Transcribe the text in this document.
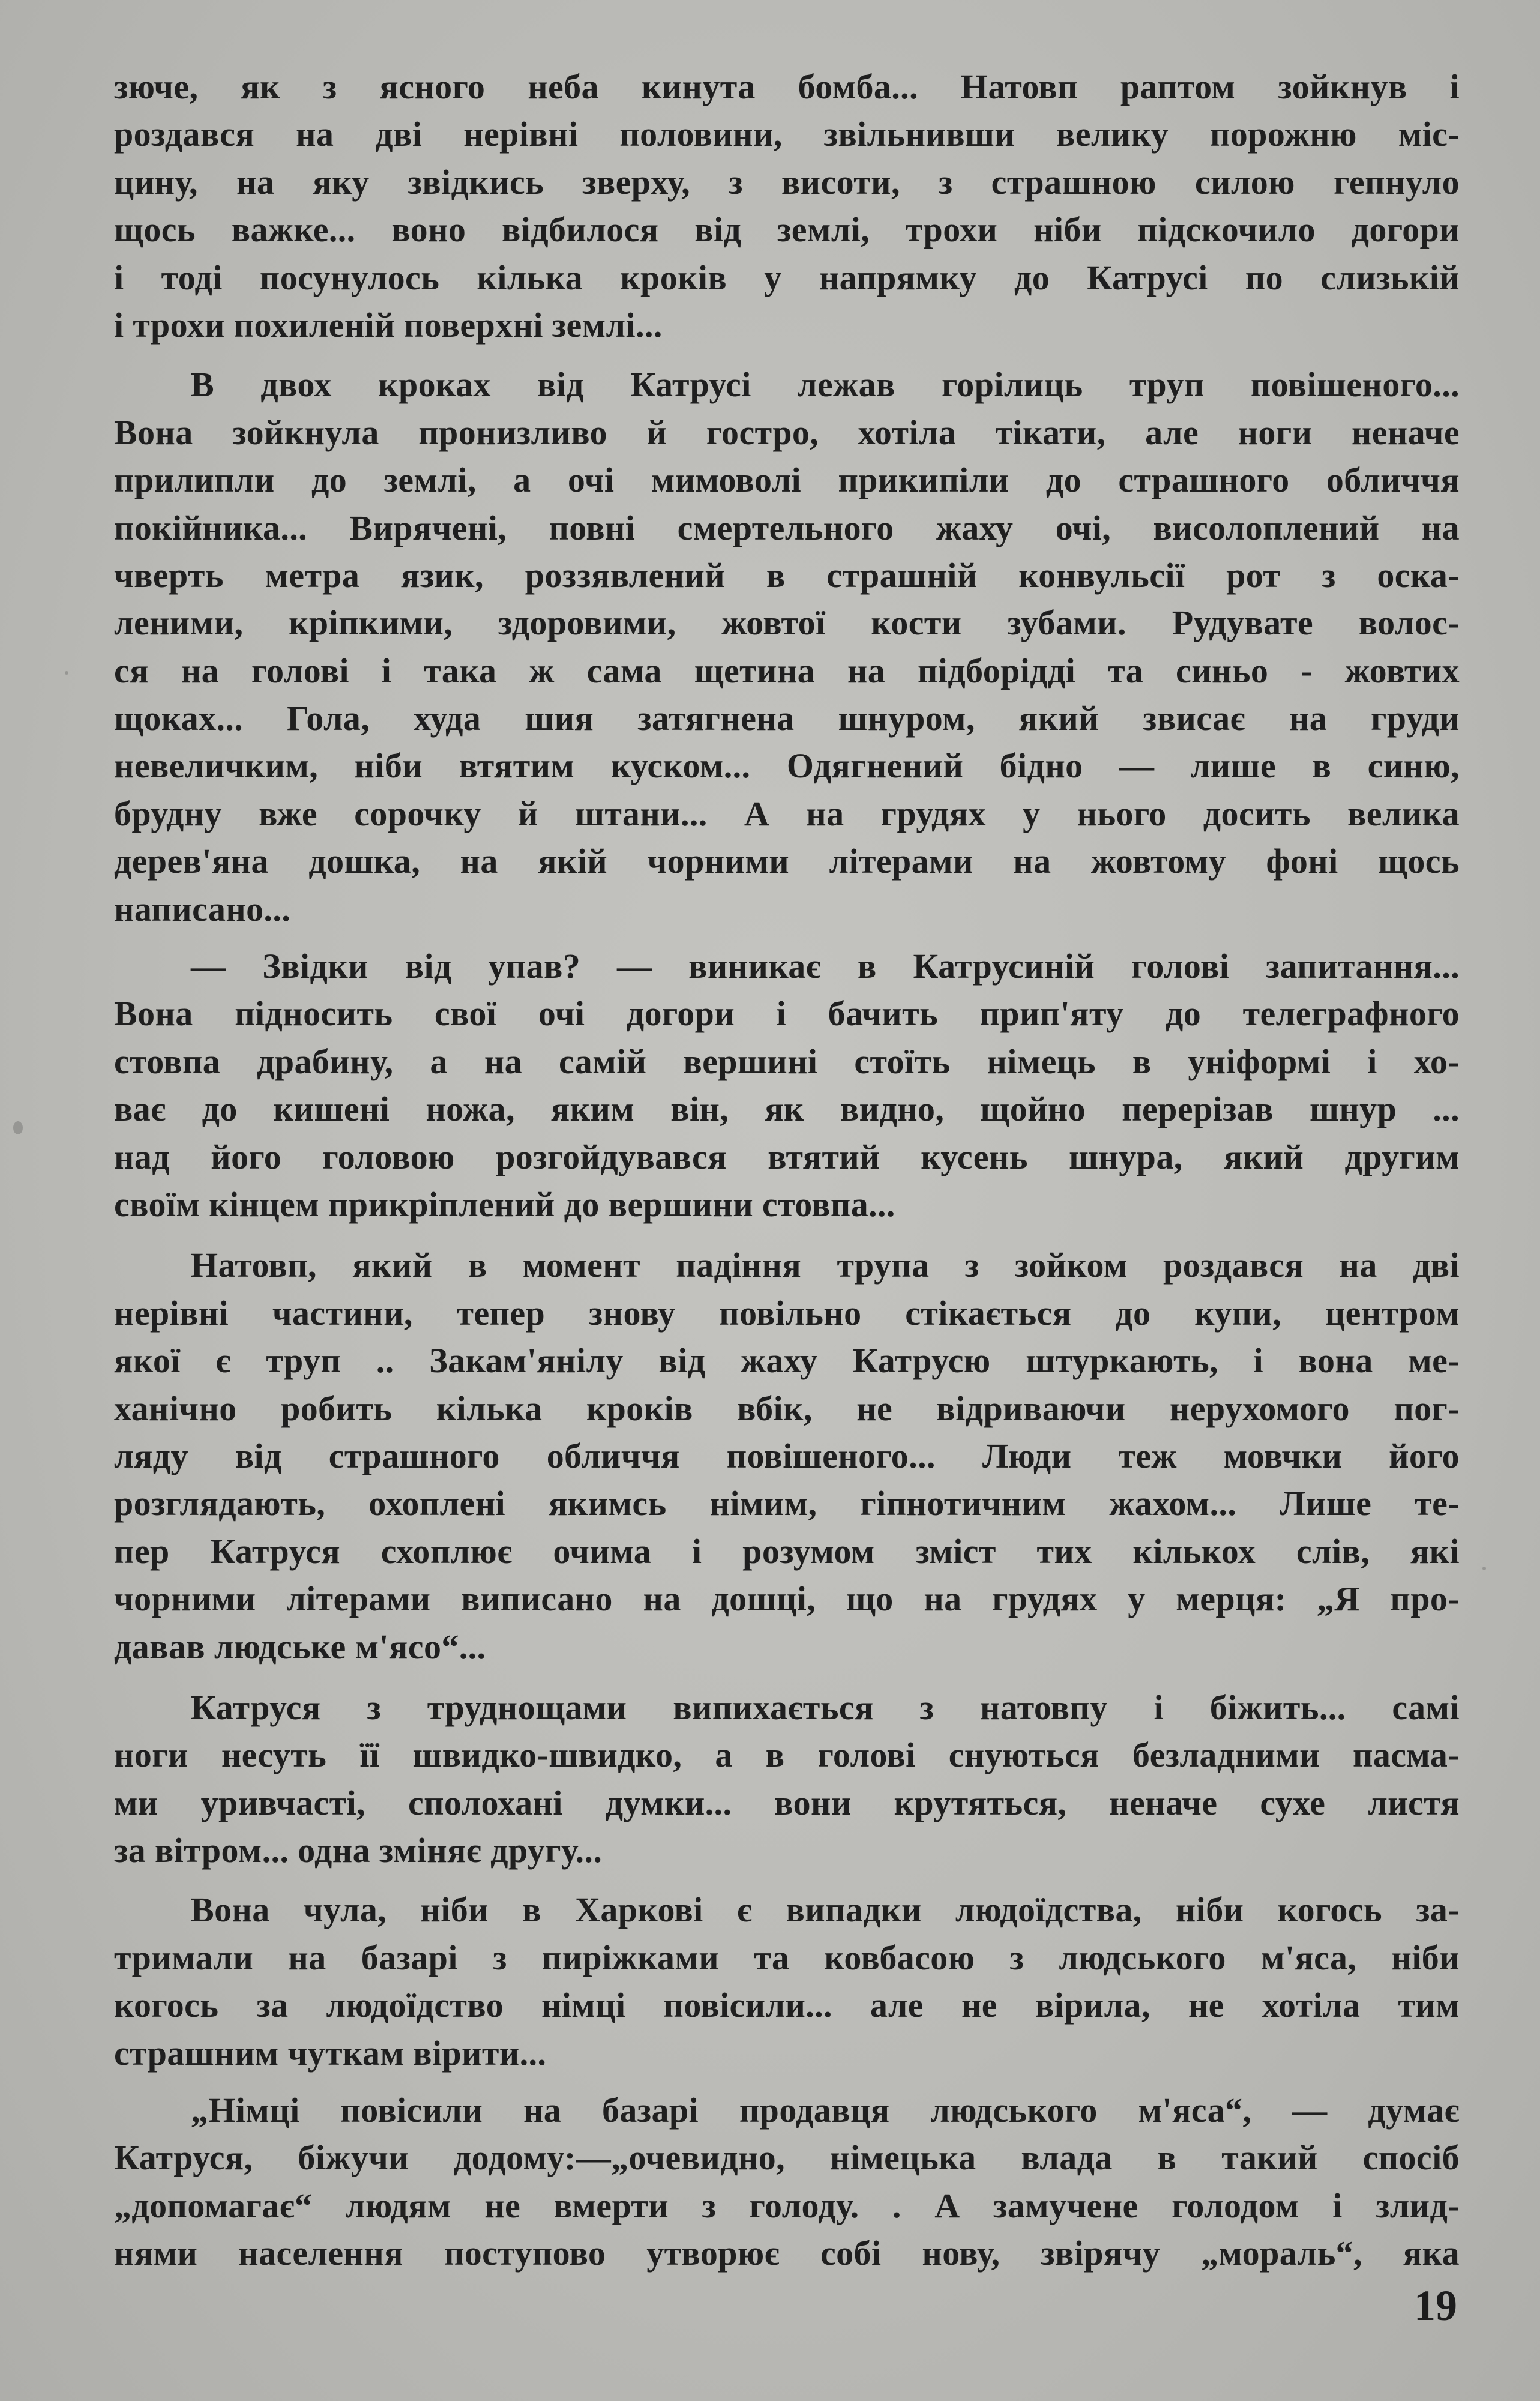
зюче, як з ясного неба кинута бомба... Натовп раптом зойкнув і
роздався на дві нерівні половини, звільнивши велику порожню міс-
цину, на яку звідкись зверху, з висоти, з страшною силою гепнуло
щось важке... воно відбилося від землі, трохи ніби підскочило догори
і тоді посунулось кілька кроків у напрямку до Катрусі по слизькій
і трохи похиленій поверхні землі...
В двох кроках від Катрусі лежав горілиць труп повішеного...
Вона зойкнула пронизливо й гостро, хотіла тікати, але ноги неначе
прилипли до землі, а очі мимоволі прикипіли до страшного обличчя
покійника... Вирячені, повні смертельного жаху очі, висолоплений на
чверть метра язик, роззявлений в страшній конвульсії рот з оска-
леними, кріпкими, здоровими, жовтої кости зубами. Рудувате волос-
ся на голові і така ж сама щетина на підборідді та синьо - жовтих
щоках... Гола, худа шия затягнена шнуром, який звисає на груди
невеличким, ніби втятим куском... Одягнений бідно — лише в синю,
брудну вже сорочку й штани... А на грудях у нього досить велика
дерев'яна дошка, на якій чорними літерами на жовтому фоні щось
написано...
— Звідки від упав? — виникає в Катрусиній голові запитання...
Вона підносить свої очі догори і бачить прип'яту до телеграфного
стовпа драбину, а на самій вершині стоїть німець в уніформі і хо-
ває до кишені ножа, яким він, як видно, щойно перерізав шнур ...
над його головою розгойдувався втятий кусень шнура, який другим
своїм кінцем прикріплений до вершини стовпа...
Натовп, який в момент падіння трупа з зойком роздався на дві
нерівні частини, тепер знову повільно стікається до купи, центром
якої є труп .. Закам'янілу від жаху Катрусю штуркають, і вона ме-
ханічно робить кілька кроків вбік, не відриваючи нерухомого пог-
ляду від страшного обличчя повішеного... Люди теж мовчки його
розглядають, охоплені якимсь німим, гіпнотичним жахом... Лише те-
пер Катруся схоплює очима і розумом зміст тих кількох слів, які
чорними літерами виписано на дошці, що на грудях у мерця: „Я про-
давав людське м'ясо“...
Катруся з труднощами випихається з натовпу і біжить... самі
ноги несуть її швидко-швидко, а в голові снуються безладними пасма-
ми уривчасті, сполохані думки... вони крутяться, неначе сухе листя
за вітром... одна зміняє другу...
Вона чула, ніби в Харкові є випадки людоїдства, ніби когось за-
тримали на базарі з пиріжками та ковбасою з людського м'яса, ніби
когось за людоїдство німці повісили... але не вірила, не хотіла тим
страшним чуткам вірити...
„Німці повісили на базарі продавця людського м'яса“, — думає
Катруся, біжучи додому:—„очевидно, німецька влада в такий спосіб
„допомагає“ людям не вмерти з голоду. . А замучене голодом і злид-
нями населення поступово утворює собі нову, звірячу „мораль“, яка
19
